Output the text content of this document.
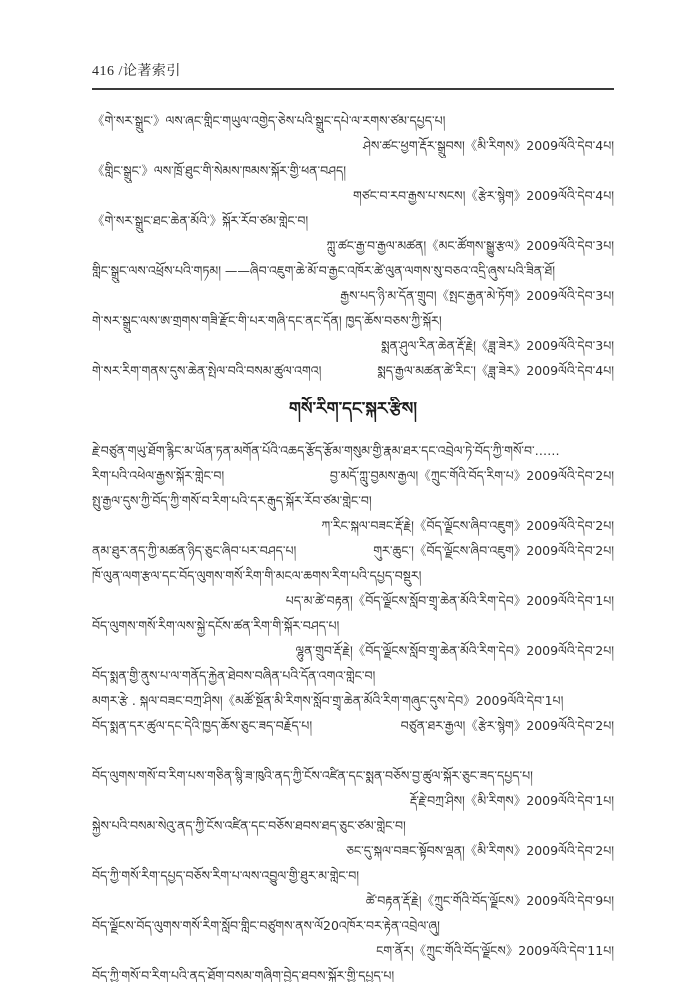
416 /论著索引
《གེ་སར་སྒྲུང་》ལས་ཞང་གླིང་གཡུལ་འགྱེད་ཅེས་པའི་སྒྲུང་དཔེ་ལ་རགས་ཙམ་དཔྱད་པ།
ཤེས་ཚང་ཕྱག་རྡོར་སྒྲུབས།《མི་རིགས》2009ལོའི་དེབ་4པ།
《གླིང་སྒྲུང་》ལས་ཁྲོ་ཐུང་གི་སེམས་ཁམས་སྐོར་གྱི་ཕན་བཤད།
གཙང་བ་རབ་རྒྱས་པ་སངས།《རྩེར་སྙེག》2009ལོའི་དེབ་4པ།
《གེ་སར་སྒྲུང་ཐང་ཆེན་མོའི་》སྐོར་རོབ་ཙམ་གླེང་བ།
ཀླུ་ཚང་རྒྱ་བ་རྒྱལ་མཚན།《མང་ཚོགས་སྒྱུ་རྩལ》2009ལོའི་དེབ་3པ།
གླིང་སྒྲུང་ལས་འཕྲོས་པའི་གཏམ། ——ཞིབ་འཇུག་ཆེ་མོ་བ་རྒྱང་འཁོར་ཚེ་ལུན་ལགས་སུ་བཅའ་འདྲི་ཞུས་པའི་ཟིན་ཐོ།
རྒྱས་པད་ཉི་མ་དོན་གྲུབ།《སྤང་རྒྱན་མེ་ཏོག》2009ལོའི་དེབ་3པ།
གེ་སར་སྒྲུང་ལས་ཨ་གྲགས་གཟི་རྫོང་གི་པར་གཞི་དང་ནང་དོན། ཁྱད་ཆོས་བཅས་ཀྱི་སྐོར།
སྨན་ཤུལ་རིན་ཆེན་རྡོ་རྗེ།《ཟླ་ཟེར》2009ལོའི་དེབ་3པ།
གེ་སར་རིག་གནས་དུས་ཆེན་སྤེལ་བའི་བསམ་ཚུལ་འགའ།	སྨད་རྒྱལ་མཚན་ཚེ་རིང་།《ཟླ་ཟེར》2009ལོའི་དེབ་4པ།
གསོ་རིག་དང་སྐར་རྩིས།
རྗེ་བཙུན་གཡུ་ཐོག་རྙིང་མ་ཡོན་ཏན་མགོན་པོའི་འཆད་རྩོད་རྩོམ་གསུམ་གྱི་རྣམ་ཐར་དང་འབྲེལ་ཏེ་བོད་ཀྱི་གསོ་བ་……
རིག་པའི་འཕེལ་རྒྱས་སྐོར་གླེང་བ།	བྱ་མདོ་ཀླུ་བྱམས་རྒྱལ།《ཀྲུང་གོའི་བོད་རིག་པ》2009ལོའི་དེབ་2པ།
སྤུ་རྒྱལ་དུས་ཀྱི་བོད་ཀྱི་གསོ་བ་རིག་པའི་དར་རྒུད་སྐོར་རོབ་ཙམ་གླེང་བ།
ཀ་རིང་སྐལ་བཟང་རྡོ་རྗེ།《བོད་ལྗོངས་ཞིབ་འཇུག》2009ལོའི་དེབ་2པ།
ནམ་ཐུར་ནད་ཀྱི་མཚན་ཉིད་ཅུང་ཞིབ་པར་བཤད་པ།	གུར་ཆུང་།《བོད་ལྗོངས་ཞིབ་འཇུག》2009ལོའི་དེབ་2པ།
ཁོ་ལུན་ལག་རྩལ་དང་བོད་ལུགས་གསོ་རིག་གི་མངལ་ཆགས་རིག་པའི་དཔྱད་བསྡུར།
པད་མ་ཚེ་བརྟན།《བོད་ལྗོངས་སློབ་གྲྭ་ཆེན་མོའི་རིག་དེབ》2009ལོའི་དེབ་1པ།
བོད་ལུགས་གསོ་རིག་ལས་སྐྱེ་དངོས་ཚན་རིག་གི་སྐོར་བཤད་པ།
ལྷུན་གྲུབ་རྡོ་རྗེ།《བོད་ལྗོངས་སློབ་གྲྭ་ཆེན་མོའི་རིག་དེབ》2009ལོའི་དེབ་2པ།
བོད་སྨན་གྱི་ནུས་པ་ལ་གནོད་རྐྱེན་ཐེབས་བཞིན་པའི་དོན་འགའ་གླེང་བ།
མགར་རྩེ . སྐལ་བཟང་བཀྲ་ཤིས།《མཚོ་སྔོན་མི་རིགས་སློབ་གྲྭ་ཆེན་མོའི་རིག་གཞུང་དུས་དེབ》2009ལོའི་དེབ་1པ།
བོད་སྨན་དར་ཚུལ་དང་དེའི་ཁྱད་ཆོས་ཅུང་ཟད་བརྗོད་པ།	བཙུན་ཐར་རྒྱལ།《རྩེར་སྙེག》2009ལོའི་དེབ་2པ།
བོད་ལུགས་གསོ་བ་རིག་པས་གཅིན་སྙི་ཟ་ཁུའི་ནད་ཀྱི་ངོས་འཛིན་དང་སྨན་བཅོས་བྱ་ཚུལ་སྐོར་ཅུང་ཟད་དཔྱད་པ།
རྡོ་རྗེ་བཀྲ་ཤིས།《མི་རིགས》2009ལོའི་དེབ་1པ།
སྐྱེས་པའི་བསམ་སེའུ་ནད་ཀྱི་ངོས་འཛིན་དང་བཅོས་ཐབས་ཐད་ཅུང་ཙམ་གླེང་བ།
ཅང་དུ་སྐལ་བཟང་སྟོབས་ལྡན།《མི་རིགས》2009ལོའི་དེབ་2པ།
བོད་ཀྱི་གསོ་རིག་དཔྱད་བཅོས་རིག་པ་ལས་འབྱུལ་གྱི་ཐུར་མ་གླེང་བ།
ཚེ་བརྟན་རྡོ་རྗེ།《ཀྲུང་གོའི་བོད་ལྗོངས》2009ལོའི་དེབ་9པ།
བོད་ལྗོངས་བོད་ལུགས་གསོ་རིག་སློབ་གླིང་བཙུགས་ནས་ལོ20འཁོར་བར་རྟེན་འབྲེལ་ཞུ།
ངག་ནོར།《ཀྲུང་གོའི་བོད་ལྗོངས》2009ལོའི་དེབ་11པ།
བོད་ཀྱི་གསོ་བ་རིག་པའི་ནད་ཐོག་བསམ་གཞིག་བྱེད་ཐབས་སྐོར་གྱི་དཔྱད་པ།
